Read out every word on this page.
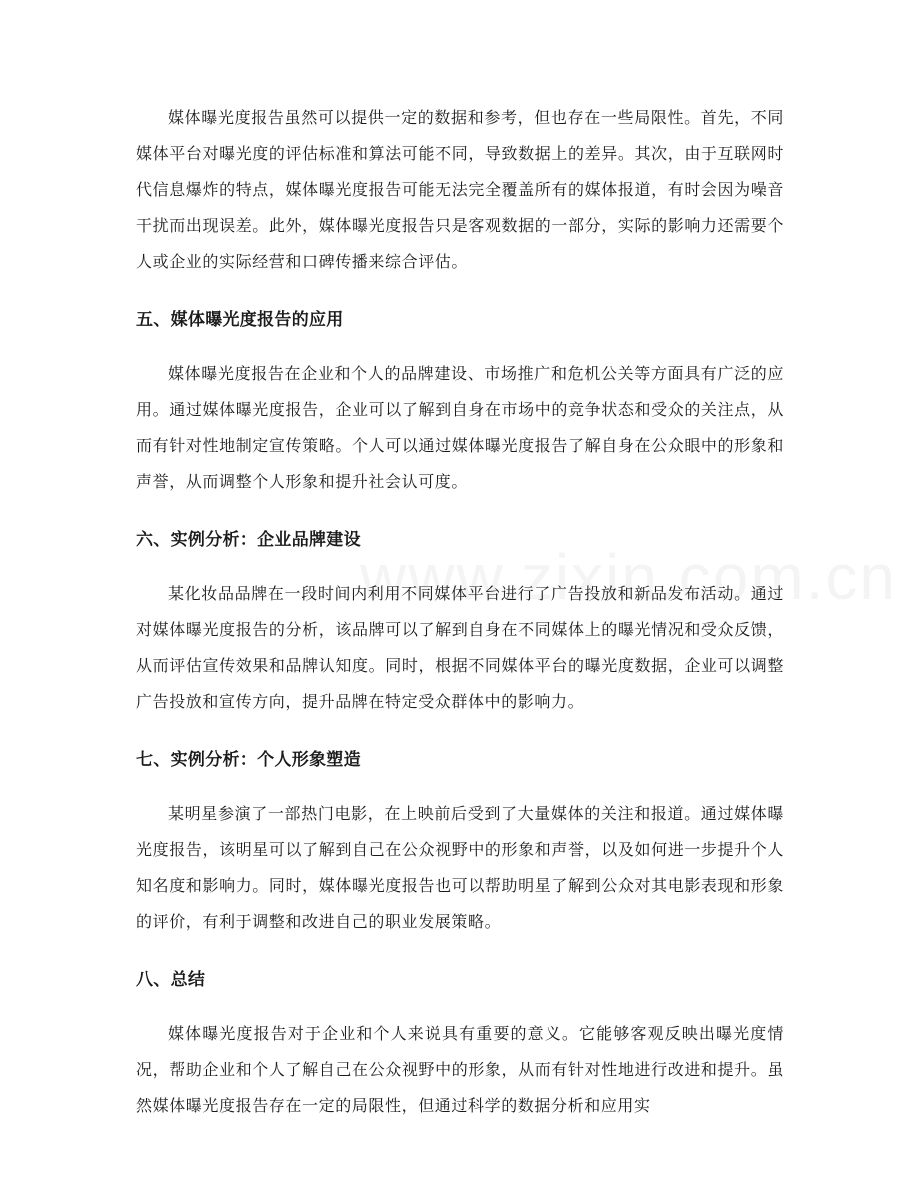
媒体曝光度报告虽然可以提供一定的数据和参考，但也存在一些局限性。首先，不同媒体平台对曝光度的评估标准和算法可能不同，导致数据上的差异。其次，由于互联网时代信息爆炸的特点，媒体曝光度报告可能无法完全覆盖所有的媒体报道，有时会因为噪音干扰而出现误差。此外，媒体曝光度报告只是客观数据的一部分，实际的影响力还需要个人或企业的实际经营和口碑传播来综合评估。

五、媒体曝光度报告的应用

媒体曝光度报告在企业和个人的品牌建设、市场推广和危机公关等方面具有广泛的应用。通过媒体曝光度报告，企业可以了解到自身在市场中的竞争状态和受众的关注点，从而有针对性地制定宣传策略。个人可以通过媒体曝光度报告了解自身在公众眼中的形象和声誉，从而调整个人形象和提升社会认可度。

六、实例分析：企业品牌建设

某化妆品品牌在一段时间内利用不同媒体平台进行了广告投放和新品发布活动。通过对媒体曝光度报告的分析，该品牌可以了解到自身在不同媒体上的曝光情况和受众反馈，从而评估宣传效果和品牌认知度。同时，根据不同媒体平台的曝光度数据，企业可以调整广告投放和宣传方向，提升品牌在特定受众群体中的影响力。

七、实例分析：个人形象塑造

某明星参演了一部热门电影，在上映前后受到了大量媒体的关注和报道。通过媒体曝光度报告，该明星可以了解到自己在公众视野中的形象和声誉，以及如何进一步提升个人知名度和影响力。同时，媒体曝光度报告也可以帮助明星了解到公众对其电影表现和形象的评价，有利于调整和改进自己的职业发展策略。

八、总结

媒体曝光度报告对于企业和个人来说具有重要的意义。它能够客观反映出曝光度情况，帮助企业和个人了解自己在公众视野中的形象，从而有针对性地进行改进和提升。虽然媒体曝光度报告存在一定的局限性，但通过科学的数据分析和应用实
